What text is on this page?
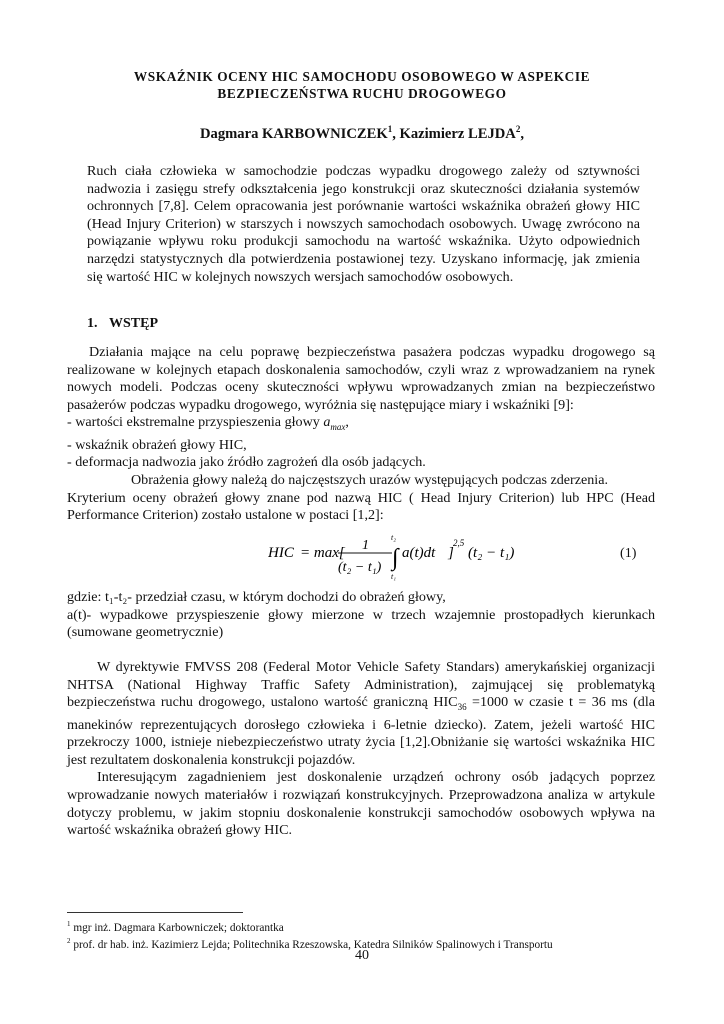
WSKAŹNIK OCENY HIC SAMOCHODU OSOBOWEGO W ASPEKCIE
BEZPIECZEŃSTWA RUCHU DROGOWEGO
Dagmara KARBOWNICZEK$^1$, Kazimierz LEJDA$^2$,

Ruch ciała człowieka w samochodzie podczas wypadku drogowego zależy od sztywności nadwozia i zasięgu strefy odkształcenia jego konstrukcji oraz skuteczności działania systemów ochronnych [7,8]. Celem opracowania jest porównanie wartości wskaźnika obrażeń głowy HIC (Head Injury Criterion) w starszych i nowszych samochodach osobowych. Uwagę zwrócono na powiązanie wpływu roku produkcji samochodu na wartość wskaźnika. Użyto odpowiednich narzędzi statystycznych dla potwierdzenia postawionej tezy. Uzyskano informację, jak zmienia się wartość HIC w kolejnych nowszych wersjach samochodów osobowych.

1. WSTĘP

Działania mające na celu poprawę bezpieczeństwa pasażera podczas wypadku drogowego są realizowane w kolejnych etapach doskonalenia samochodów, czyli wraz z wprowadzaniem na rynek nowych modeli. Podczas oceny skuteczności wpływu wprowadzanych zmian na bezpieczeństwo pasażerów podczas wypadku drogowego, wyróżnia się następujące miary i wskaźniki [9]:

- wartości ekstremalne przyspieszenia głowy $a_{max}$,

- wskaźnik obrażeń głowy HIC,

- deformacja nadwozia jako źródło zagrożeń dla osób jadących.

Obrażenia głowy należą do najczęstszych urazów występujących podczas zderzenia.

Kryterium oceny obrażeń głowy znane pod nazwą HIC ( Head Injury Criterion) lub HPC (Head Performance Criterion) zostało ustalone w postaci [1,2]:

HIC = max[ 1
(t₂ − t₁)
t₂
∫
t₁
a(t)dt ]
2,5
(t₂ − t₁)	(1)

gdzie: t₁-t₂- przedział czasu, w którym dochodzi do obrażeń głowy,

a(t)- wypadkowe przyspieszenie głowy mierzone w trzech wzajemnie prostopadłych kierunkach (sumowane geometrycznie)

W dyrektywie FMVSS 208 (Federal Motor Vehicle Safety Standars) amerykańskiej organizacji NHTSA (National Highway Traffic Safety Administration), zajmującej się problematyką bezpieczeństwa ruchu drogowego, ustalono wartość graniczną $HIC_{36} =1000$ w czasie t = 36 ms (dla manekinów reprezentujących dorosłego człowieka i 6-letnie dziecko). Zatem, jeżeli wartość HIC przekroczy 1000, istnieje niebezpieczeństwo utraty życia [1,2].Obniżanie się wartości wskaźnika HIC jest rezultatem doskonalenia konstrukcji pojazdów.

Interesującym zagadnieniem jest doskonalenie urządzeń ochrony osób jadących poprzez wprowadzanie nowych materiałów i rozwiązań konstrukcyjnych. Przeprowadzona analiza w artykule dotyczy problemu, w jakim stopniu doskonalenie konstrukcji samochodów osobowych wpływa na wartość wskaźnika obrażeń głowy HIC.

$^1$ mgr inż. Dagmara Karbowniczek; doktorantka
$^2$ prof. dr hab. inż. Kazimierz Lejda; Politechnika Rzeszowska, Katedra Silników Spalinowych i Transportu
40
